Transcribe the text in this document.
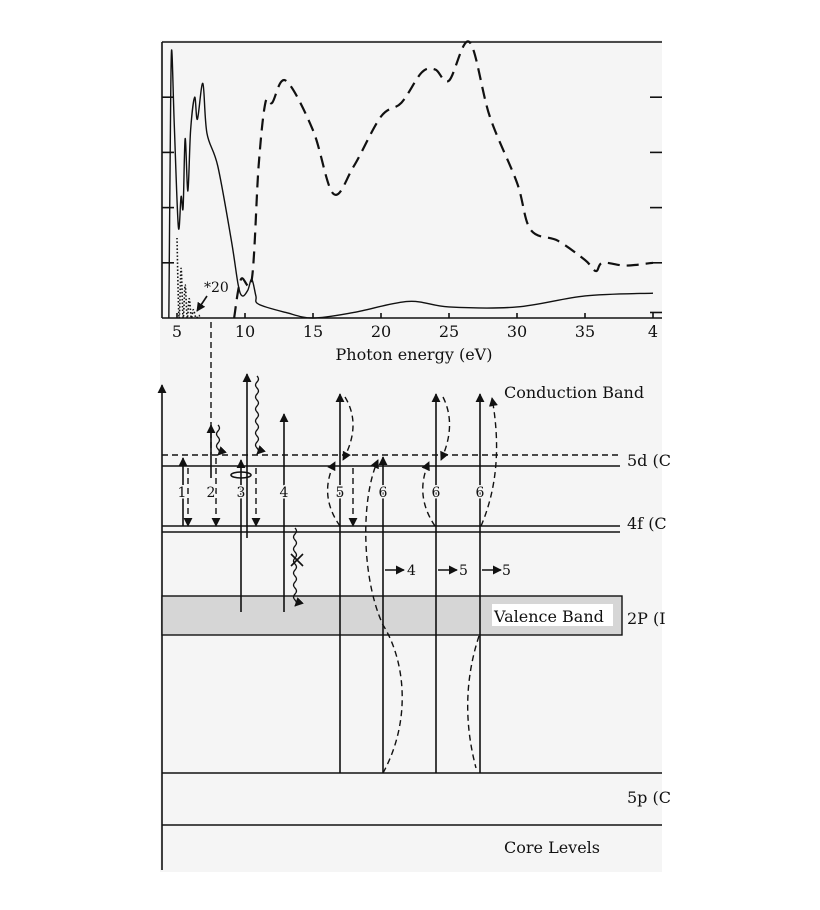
5	10	15	20	25	30	35	4
Photon energy (eV)
*20
Conduction Band
5d (C
4f (C
Valence Band 2P (I
5p (C
Core Levels
1 2 3 4	5 6
4
6
5
6
5
